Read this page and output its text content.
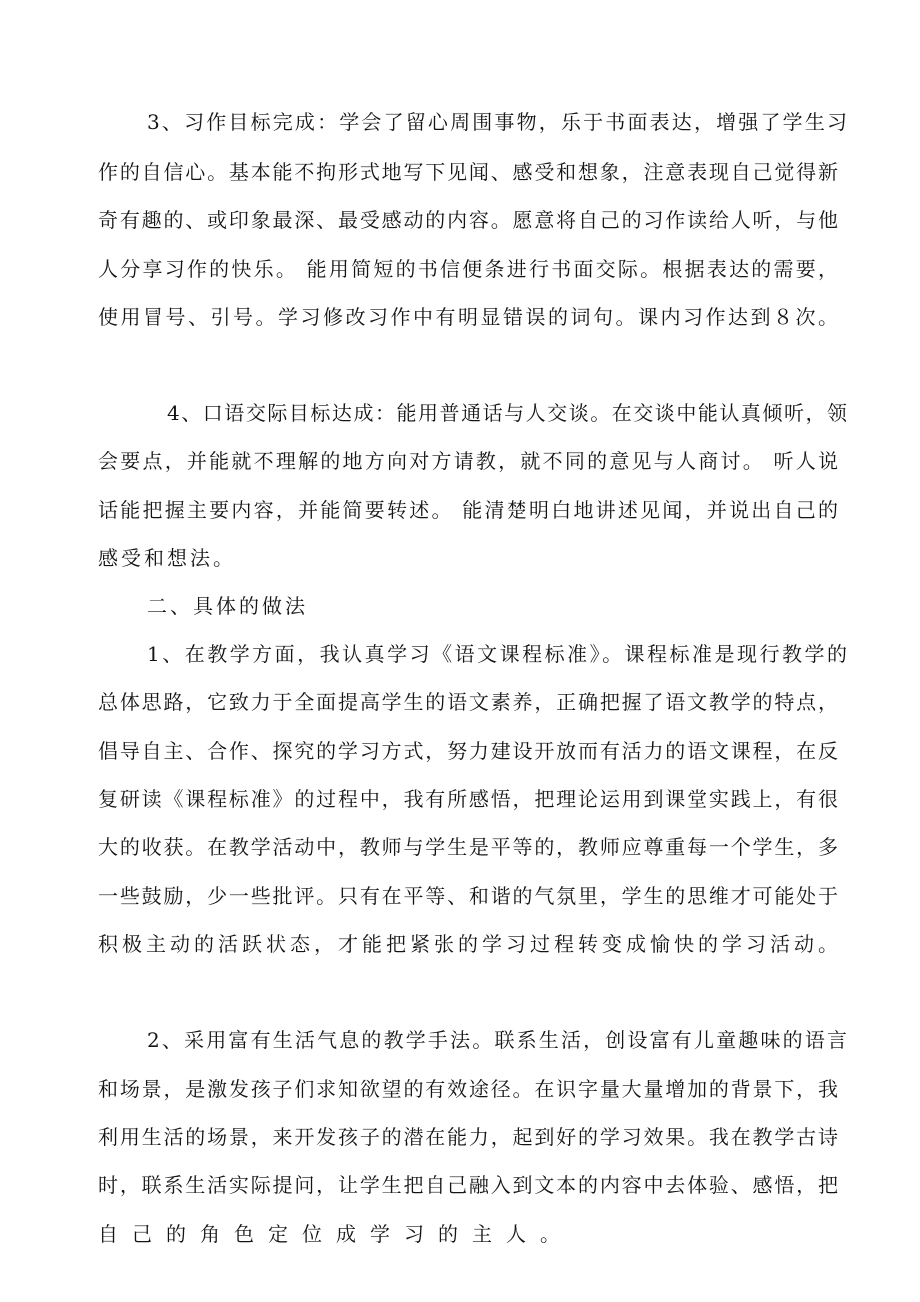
3、习作目标完成：学会了留心周围事物，乐于书面表达，增强了学生习
作的自信心。基本能不拘形式地写下见闻、感受和想象，注意表现自己觉得新
奇有趣的、或印象最深、最受感动的内容。愿意将自己的习作读给人听，与他
人分享习作的快乐。 能用简短的书信便条进行书面交际。根据表达的需要，
使用冒号、引号。学习修改习作中有明显错误的词句。课内习作达到８次。
4、口语交际目标达成：能用普通话与人交谈。在交谈中能认真倾听，领
会要点，并能就不理解的地方向对方请教，就不同的意见与人商讨。 听人说
话能把握主要内容，并能简要转述。 能清楚明白地讲述见闻，并说出自己的
感受和想法。
二、具体的做法
1、在教学方面，我认真学习《语文课程标准》。课程标准是现行教学的
总体思路，它致力于全面提高学生的语文素养，正确把握了语文教学的特点，
倡导自主、合作、探究的学习方式，努力建设开放而有活力的语文课程，在反
复研读《课程标准》的过程中，我有所感悟，把理论运用到课堂实践上，有很
大的收获。在教学活动中，教师与学生是平等的，教师应尊重每一个学生，多
一些鼓励，少一些批评。只有在平等、和谐的气氛里，学生的思维才可能处于
积极主动的活跃状态，才能把紧张的学习过程转变成愉快的学习活动。
2、采用富有生活气息的教学手法。联系生活，创设富有儿童趣味的语言
和场景，是激发孩子们求知欲望的有效途径。在识字量大量增加的背景下，我
利用生活的场景，来开发孩子的潜在能力，起到好的学习效果。我在教学古诗
时，联系生活实际提问，让学生把自己融入到文本的内容中去体验、感悟，把
自己的角色定位成学习的主人。
